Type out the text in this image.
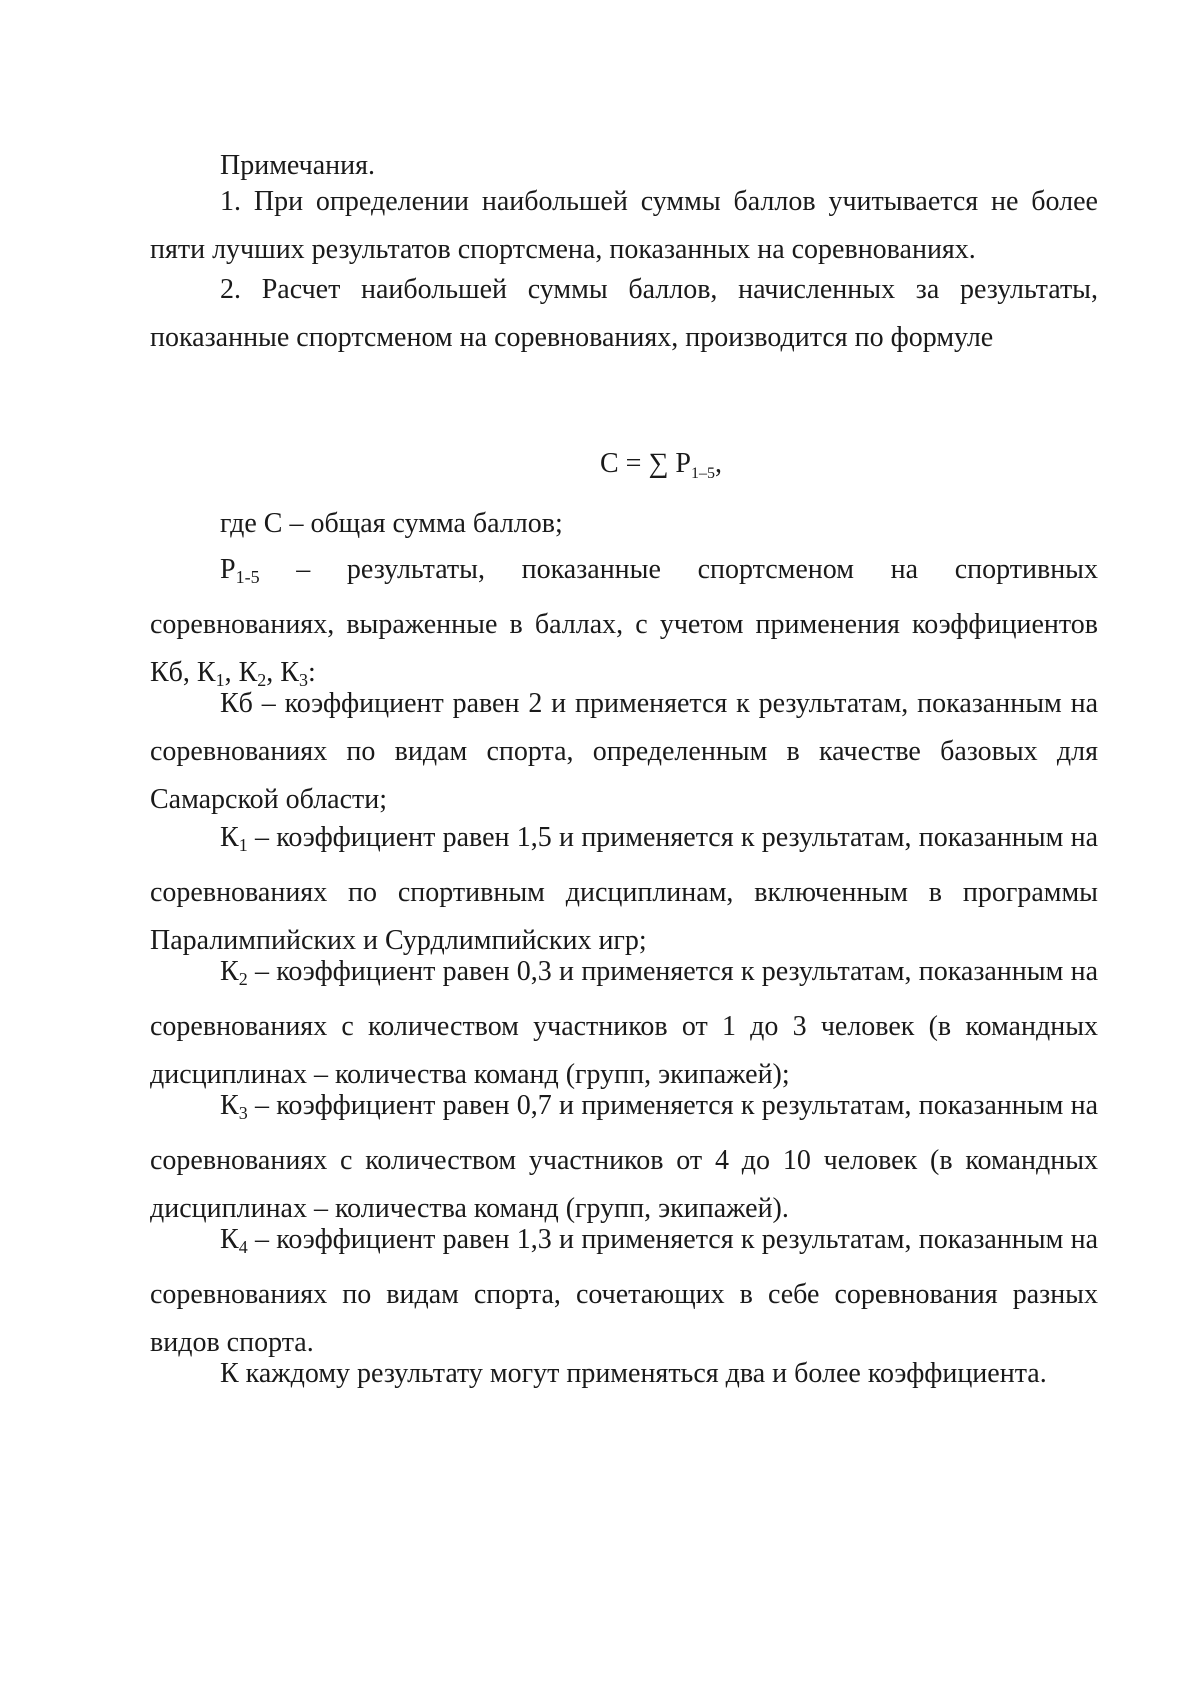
Примечания.

1. При определении наибольшей суммы баллов учитывается не более пяти лучших результатов спортсмена, показанных на соревнованиях.

2. Расчет наибольшей суммы баллов, начисленных за результаты, показанные спортсменом на соревнованиях, производится по формуле

C = ∑ $P_{1-5}$,

где C – общая сумма баллов;

P1-5 – результаты, показанные спортсменом на спортивных соревнованиях, выраженные в баллах, с учетом применения коэффициентов Кб, К1, К2, К3:

Кб – коэффициент равен 2 и применяется к результатам, показанным на соревнованиях по видам спорта, определенным в качестве базовых для Самарской области;

К1 – коэффициент равен 1,5 и применяется к результатам, показанным на соревнованиях по спортивным дисциплинам, включенным в программы Паралимпийских и Сурдлимпийских игр;

К2 – коэффициент равен 0,3 и применяется к результатам, показанным на соревнованиях с количеством участников от 1 до 3 человек (в командных дисциплинах – количества команд (групп, экипажей);

К3 – коэффициент равен 0,7 и применяется к результатам, показанным на соревнованиях с количеством участников от 4 до 10 человек (в командных дисциплинах – количества команд (групп, экипажей).

К4 – коэффициент равен 1,3 и применяется к результатам, показанным на соревнованиях по видам спорта, сочетающих в себе соревнования разных видов спорта.

К каждому результату могут применяться два и более коэффициента.
